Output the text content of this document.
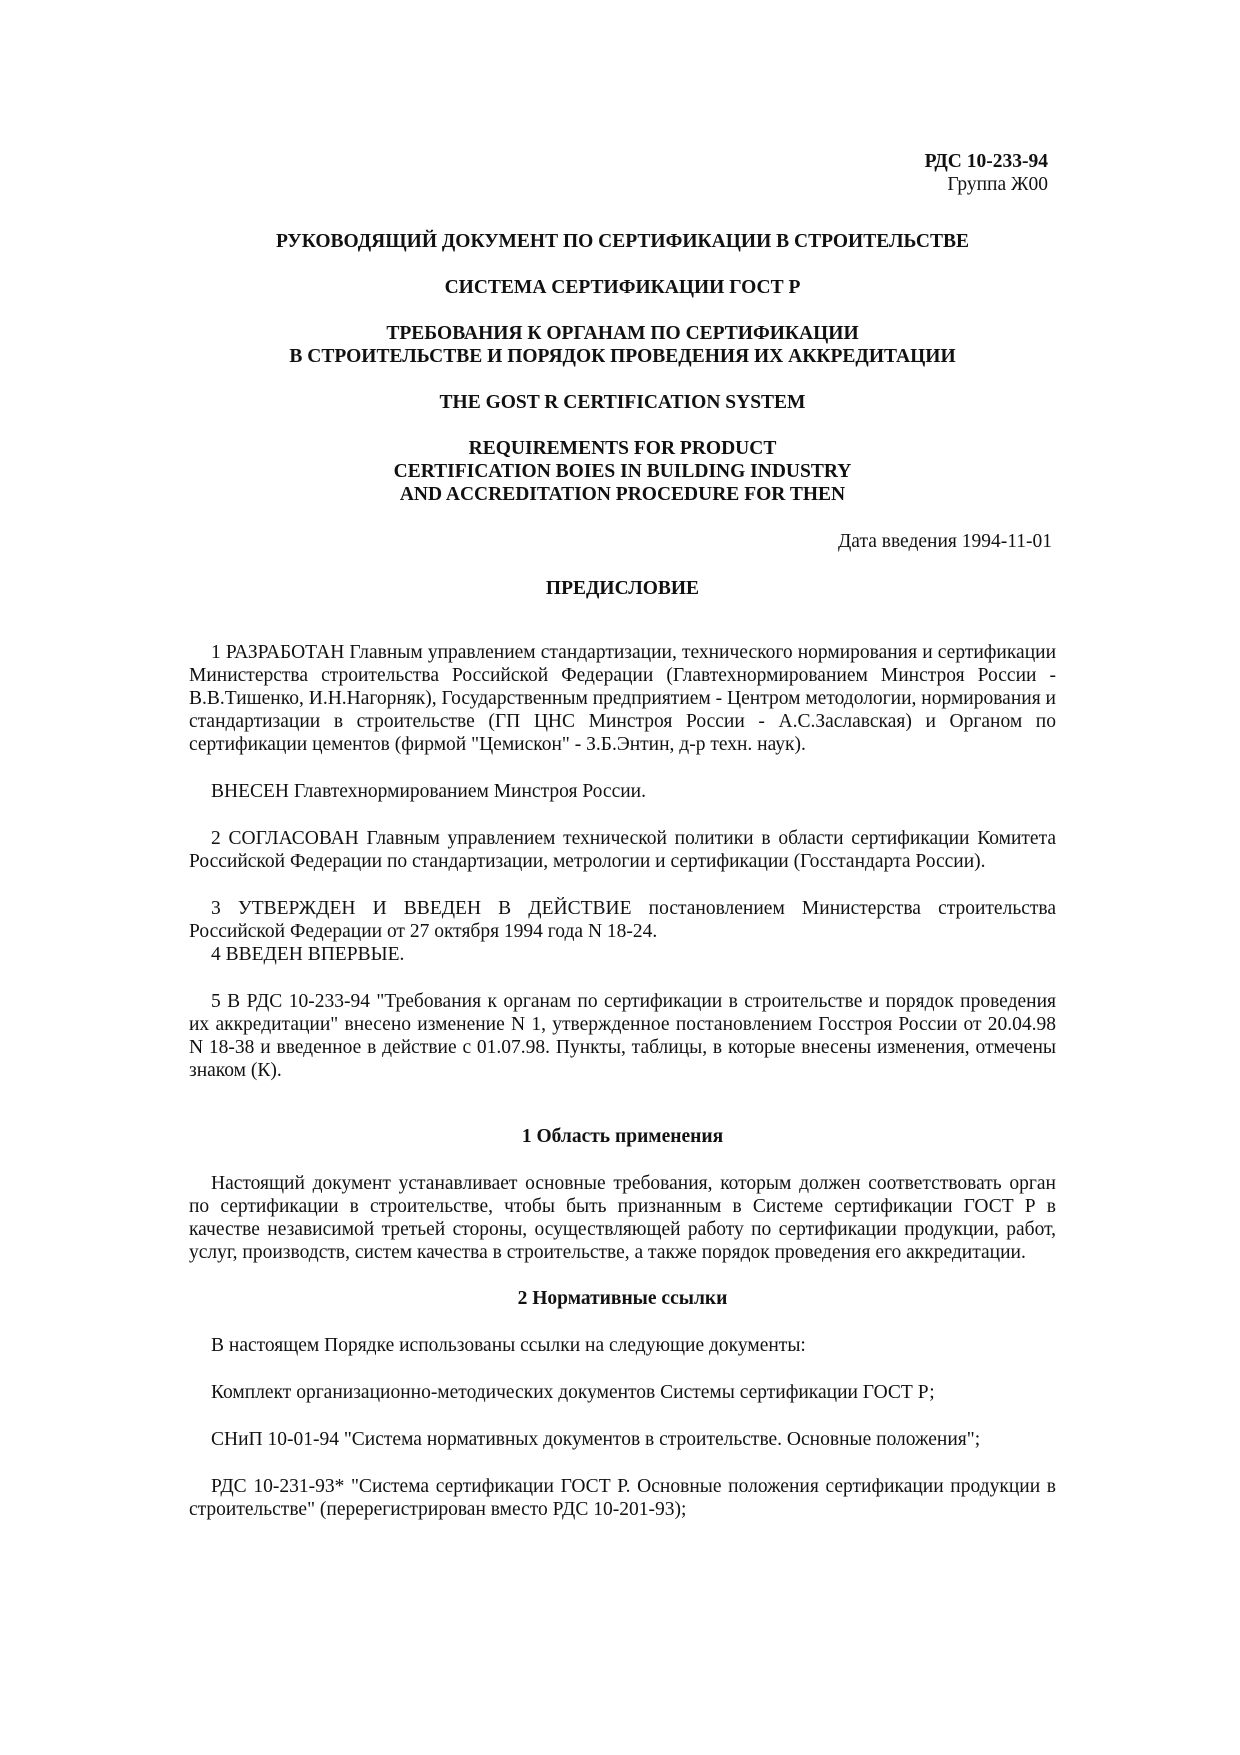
РДС 10-233-94
Группа Ж00
РУКОВОДЯЩИЙ ДОКУМЕНТ ПО СЕРТИФИКАЦИИ В СТРОИТЕЛЬСТВЕ
СИСТЕМА СЕРТИФИКАЦИИ ГОСТ Р
ТРЕБОВАНИЯ К ОРГАНАМ ПО СЕРТИФИКАЦИИ
В СТРОИТЕЛЬСТВЕ И ПОРЯДОК ПРОВЕДЕНИЯ ИХ АККРЕДИТАЦИИ
THE GOST R CERTIFICATION SYSTEM
REQUIREMENTS FOR PRODUCT
CERTIFICATION BOIES IN BUILDING INDUSTRY
AND ACCREDITATION PROCEDURE FOR THEN
Дата введения 1994-11-01
ПРЕДИСЛОВИЕ

1 РАЗРАБОТАН Главным управлением стандартизации, технического нормирования и сертификации Министерства строительства Российской Федерации (Главтехнормированием Минстроя России - В.В.Тишенко, И.Н.Нагорняк), Государственным предприятием - Центром методологии, нормирования и стандартизации в строительстве (ГП ЦНС Минстроя России - А.С.Заславская) и Органом по сертификации цементов (фирмой "Цемискон" - З.Б.Энтин, д-р техн. наук).

ВНЕСЕН Главтехнормированием Минстроя России.

2 СОГЛАСОВАН Главным управлением технической политики в области сертификации Комитета Российской Федерации по стандартизации, метрологии и сертификации (Госстандарта России).

3 УТВЕРЖДЕН И ВВЕДЕН В ДЕЙСТВИЕ постановлением Министерства строительства Российской Федерации от 27 октября 1994 года N 18-24.

4 ВВЕДЕН ВПЕРВЫЕ.

5 В РДС 10-233-94 "Требования к органам по сертификации в строительстве и порядок проведения их аккредитации" внесено изменение N 1, утвержденное постановлением Госстроя России от 20.04.98 N 18-38 и введенное в действие с 01.07.98. Пункты, таблицы, в которые внесены изменения, отмечены знаком (К).

1 Область применения

Настоящий документ устанавливает основные требования, которым должен соответствовать орган по сертификации в строительстве, чтобы быть признанным в Системе сертификации ГОСТ Р в качестве независимой третьей стороны, осуществляющей работу по сертификации продукции, работ, услуг, производств, систем качества в строительстве, а также порядок проведения его аккредитации.

2 Нормативные ссылки

В настоящем Порядке использованы ссылки на следующие документы:

Комплект организационно-методических документов Системы сертификации ГОСТ Р;

СНиП 10-01-94 "Система нормативных документов в строительстве. Основные положения";

РДС 10-231-93* "Система сертификации ГОСТ Р. Основные положения сертификации продукции в строительстве" (перерегистрирован вместо РДС 10-201-93);
